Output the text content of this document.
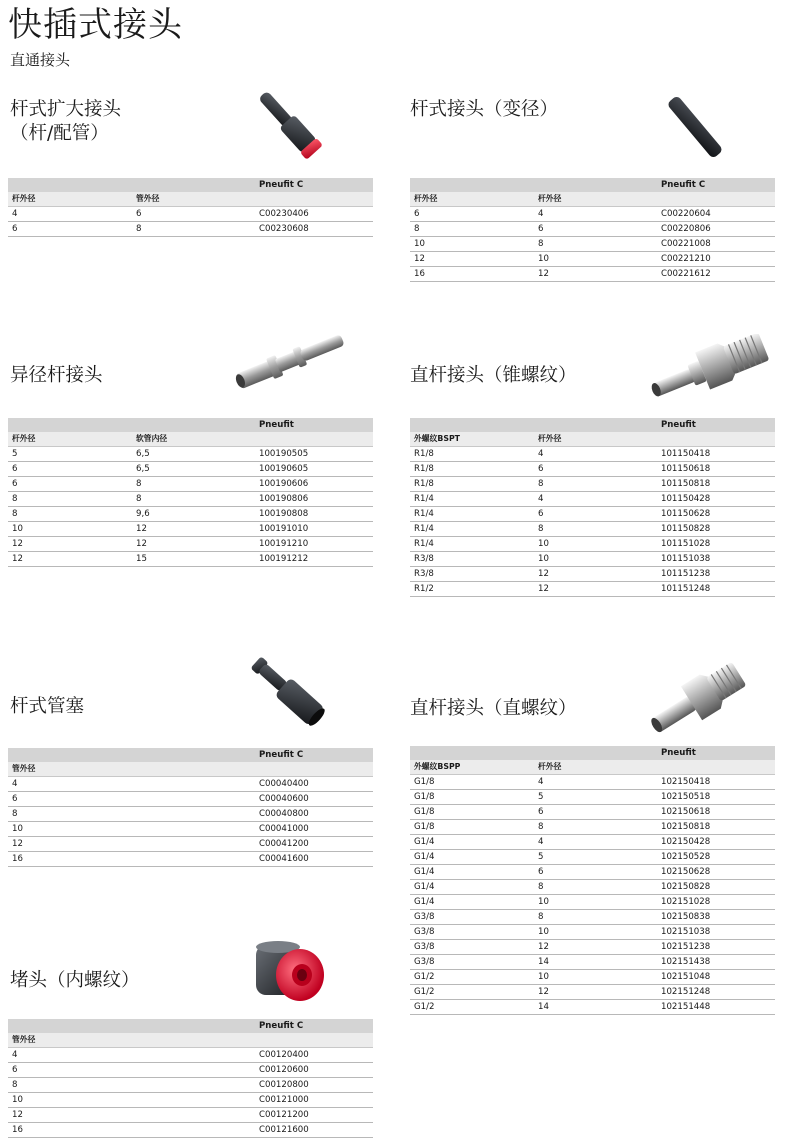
快插式接头
直通接头
杆式扩大接头
（杆/配管）
		Pneufit C
杆外径	管外径	
4	6	C00230406
6	8	C00230608
杆式接头（变径）
		Pneufit C
杆外径	杆外径	
6	4	C00220604
8	6	C00220806
10	8	C00221008
12	10	C00221210
16	12	C00221612
异径杆接头
		Pneufit
杆外径	软管内径	
5	6,5	100190505
6	6,5	100190605
6	8	100190606
8	8	100190806
8	9,6	100190808
10	12	100191010
12	12	100191210
12	15	100191212
直杆接头（锥螺纹）
		Pneufit
外螺纹BSPT	杆外径	
R1/8	4	101150418
R1/8	6	101150618
R1/8	8	101150818
R1/4	4	101150428
R1/4	6	101150628
R1/4	8	101150828
R1/4	10	101151028
R3/8	10	101151038
R3/8	12	101151238
R1/2	12	101151248
杆式管塞
		Pneufit C
管外径		
4		C00040400
6		C00040600
8		C00040800
10		C00041000
12		C00041200
16		C00041600
直杆接头（直螺纹）
		Pneufit
外螺纹BSPP	杆外径	
G1/8	4	102150418
G1/8	5	102150518
G1/8	6	102150618
G1/8	8	102150818
G1/4	4	102150428
G1/4	5	102150528
G1/4	6	102150628
G1/4	8	102150828
G1/4	10	102151028
G3/8	8	102150838
G3/8	10	102151038
G3/8	12	102151238
G3/8	14	102151438
G1/2	10	102151048
G1/2	12	102151248
G1/2	14	102151448
堵头（内螺纹）
		Pneufit C
管外径		
4		C00120400
6		C00120600
8		C00120800
10		C00121000
12		C00121200
16		C00121600
